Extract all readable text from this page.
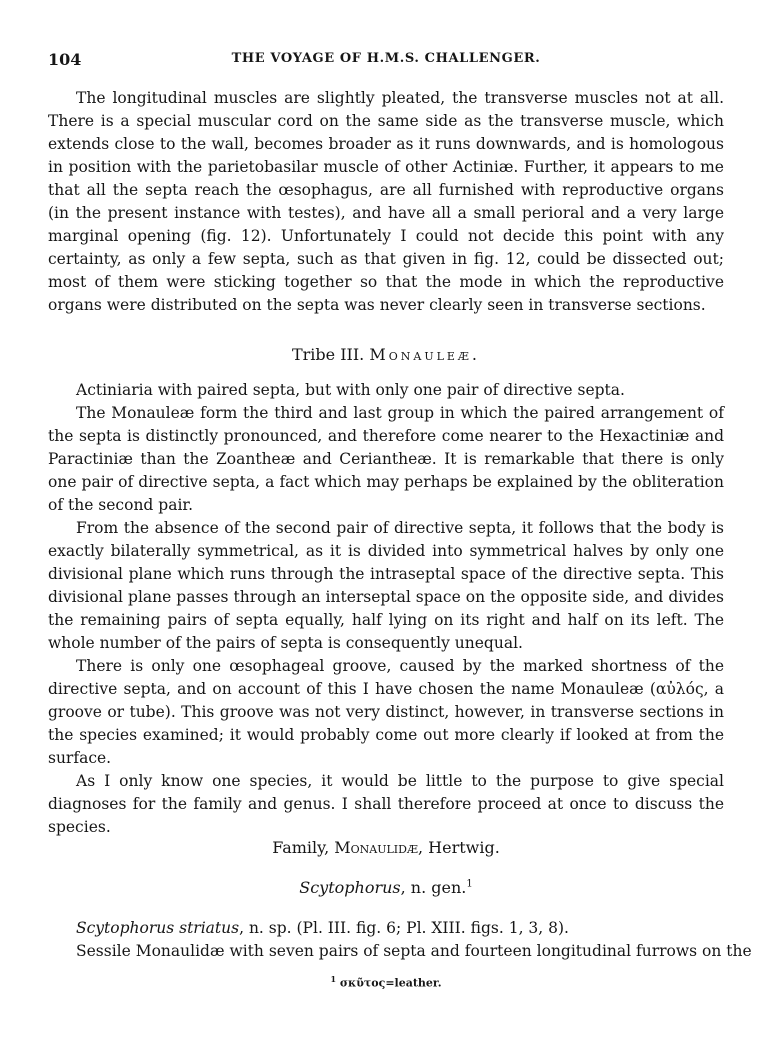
104	THE VOYAGE OF H.M.S. CHALLENGER.

The longitudinal muscles are slightly pleated, the transverse muscles not at all. There is a special muscular cord on the same side as the transverse muscle, which extends close to the wall, becomes broader as it runs downwards, and is homologous in position with the parietobasilar muscle of other Actiniæ. Further, it appears to me that all the septa reach the œsophagus, are all furnished with reproductive organs (in the present instance with testes), and have all a small perioral and a very large marginal opening (fig. 12). Unfortunately I could not decide this point with any certainty, as only a few septa, such as that given in fig. 12, could be dissected out; most of them were sticking together so that the mode in which the reproductive organs were distributed on the septa was never clearly seen in transverse sections.

Tribe III. Monauleæ.

Actiniaria with paired septa, but with only one pair of directive septa.

The Monauleæ form the third and last group in which the paired arrangement of the septa is distinctly pronounced, and therefore come nearer to the Hexactiniæ and Paractiniæ than the Zoantheæ and Ceriantheæ. It is remarkable that there is only one pair of directive septa, a fact which may perhaps be explained by the obliteration of the second pair.

From the absence of the second pair of directive septa, it follows that the body is exactly bilaterally symmetrical, as it is divided into symmetrical halves by only one divisional plane which runs through the intraseptal space of the directive septa. This divisional plane passes through an interseptal space on the opposite side, and divides the remaining pairs of septa equally, half lying on its right and half on its left. The whole number of the pairs of septa is consequently unequal.

There is only one œsophageal groove, caused by the marked shortness of the directive septa, and on account of this I have chosen the name Monauleæ (αὐλός, a groove or tube). This groove was not very distinct, however, in transverse sections in the species examined; it would probably come out more clearly if looked at from the surface.

As I only know one species, it would be little to the purpose to give special diagnoses for the family and genus. I shall therefore proceed at once to discuss the species.

Family, Monaulidæ, Hertwig.
Scytophorus, n. gen.$^1$

Scytophorus striatus, n. sp. (Pl. III. fig. 6; Pl. XIII. figs. 1, 3, 8).

Sessile Monaulidæ with seven pairs of septa and fourteen longitudinal furrows on the

$^1$ σκῦτος=leather.
